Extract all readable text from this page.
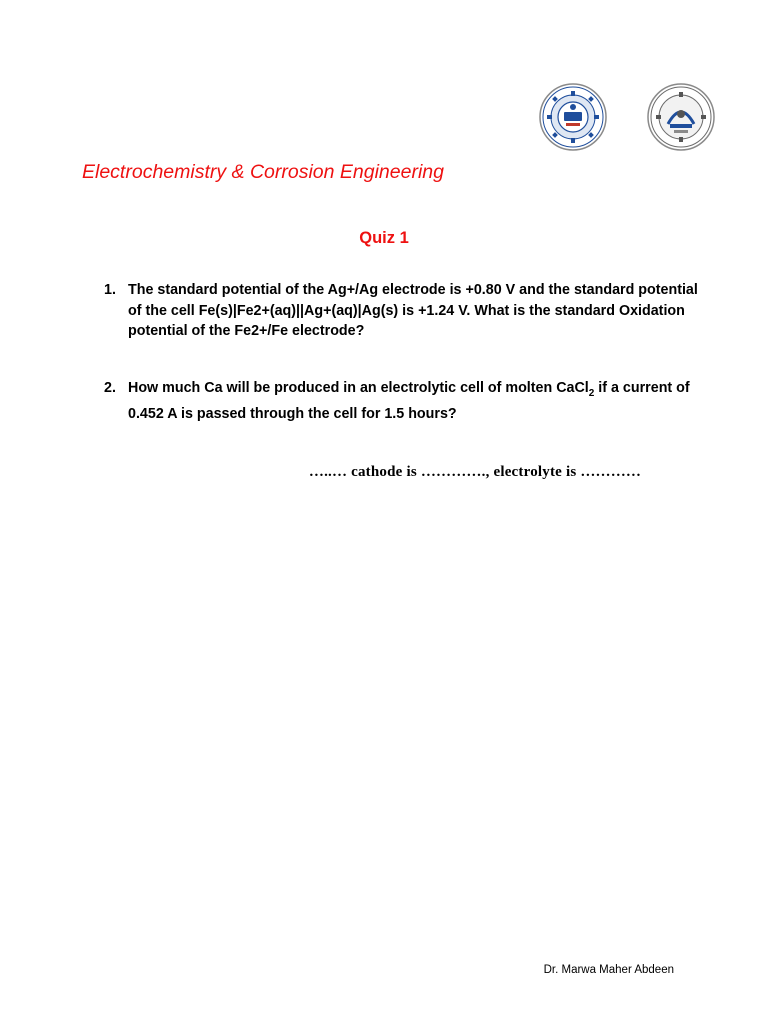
Electrochemistry & Corrosion Engineering
Quiz 1
1. The standard potential of the Ag+/Ag electrode is +0.80 V and the standard potential of the cell Fe(s)|Fe2+(aq)||Ag+(aq)|Ag(s) is +1.24 V. What is the standard Oxidation potential of the Fe2+/Fe electrode?
2. How much Ca will be produced in an electrolytic cell of molten CaCl$_2$ if a current of 0.452 A is passed through the cell for 1.5 hours?
…..… cathode is …………., electrolyte is …………
Dr. Marwa Maher Abdeen
